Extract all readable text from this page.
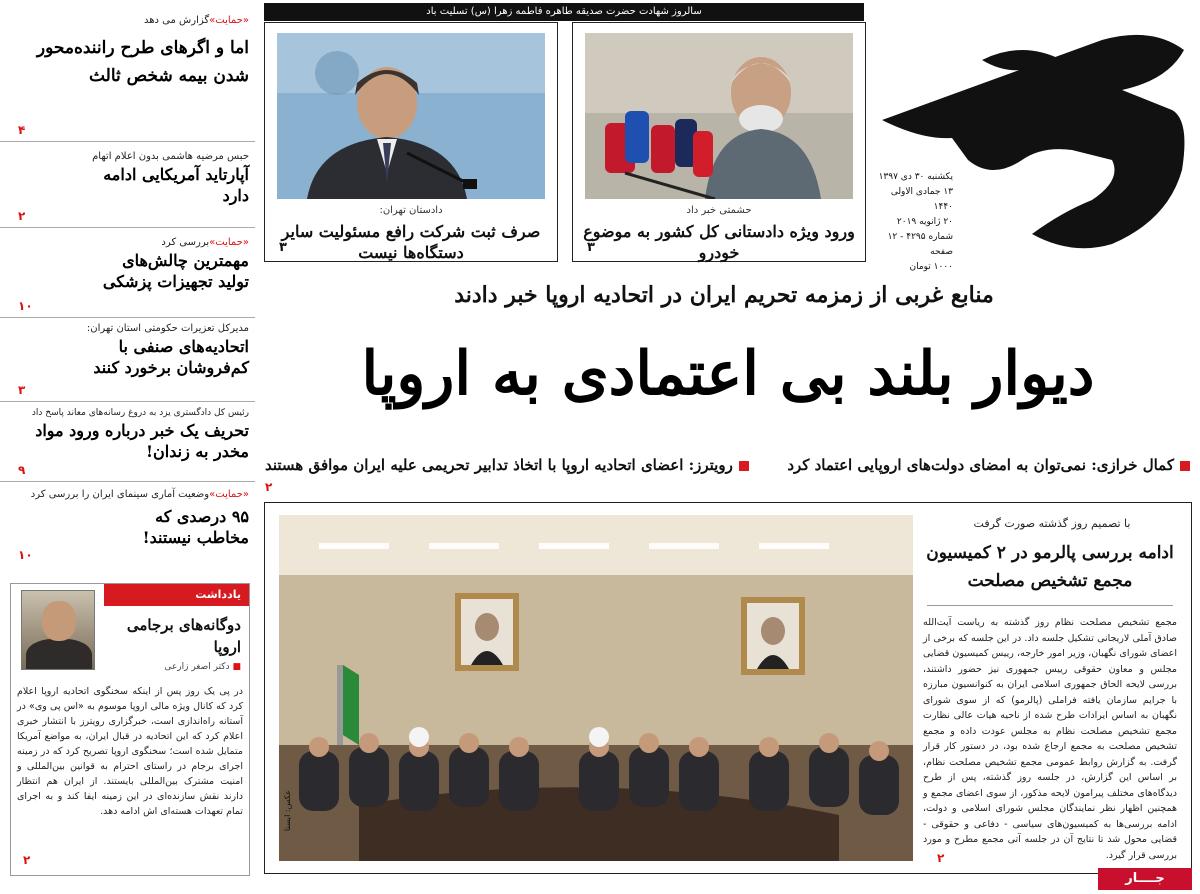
«حمایت»گزارش می دهد
اما و اگرهای طرح راننده‌محور شدن بیمه شخص ثالث
۴
حبس مرضیه هاشمی بدون اعلام اتهام
آپارتاید آمریکایی ادامه دارد
۲
«حمایت»بررسی کرد
مهمترین چالش‌های تولید تجهیزات پزشکی
۱۰
مدیرکل تعزیرات حکومتی استان تهران:
اتحادیه‌های صنفی با کم‌فروشان برخورد کنند
۳
رئیس کل دادگستری یزد به دروغ رسانه‌های معاند پاسخ داد
تحریف یک خبر درباره ورود مواد مخدر به زندان!
۹
«حمایت»وضعیت آماری سینمای ایران را بررسی کرد
۹۵ درصدی که مخاطب نیستند!
۱۰
یادداشت
دوگانه‌های برجامی اروپا
■ دکتر اصغر زارعی
در پی یک روز پس از اینکه سخنگوی اتحادیه اروپا اعلام کرد که کانال ویژه مالی اروپا موسوم به «اس پی وی» در آستانه راه‌اندازی است، خبرگزاری رویترز با انتشار خبری اعلام کرد که این اتحادیه در قبال ایران، به مواضع آمریکا متمایل شده است؛ سخنگوی اروپا تصریح کرد که در زمینه اجرای برجام در راستای احترام به قوانین بین‌المللی و امنیت مشترک بین‌المللی بایستند. از ایران هم انتظار دارند نقش سازنده‌ای در این زمینه ایفا کند و به اجرای تمام تعهدات هسته‌ای اش ادامه دهد.
۲
سالروز شهادت حضرت صدیقه طاهره فاطمه زهرا (س) تسلیت باد
دادستان تهران:
صرف ثبت شرکت رافع مسئولیت سایر دستگاه‌ها نیست
۳
حشمتی خبر داد
ورود ویژه دادستانی کل کشور به موضوع خودرو
۳
حمایت
یکشنبه ۳۰ دی ۱۳۹۷
۱۳ جمادی الاولی ۱۴۴۰
۲۰ ژانویه ۲۰۱۹
شماره ۴۲۹۵ - ۱۲ صفحه
۱۰۰۰ تومان
منابع غربی از زمزمه تحریم ایران در اتحادیه اروپا خبر دادند
دیوار بلند بی اعتمادی به اروپا
کمال خرازی: نمی‌توان به امضای دولت‌های اروپایی اعتماد کرد
رویترز: اعضای اتحادیه اروپا با اتخاذ تدابیر تحریمی علیه ایران موافق هستند
۲
عکس: ایسنا
با تصمیم روز گذشته صورت گرفت
ادامه بررسی پالرمو در ۲ کمیسیون مجمع تشخیص مصلحت
مجمع تشخیص مصلحت نظام روز گذشته به ریاست آیت‌الله صادق آملی لاریجانی تشکیل جلسه داد. در این جلسه که برخی از اعضای شورای نگهبان، وزیر امور خارجه، رییس کمیسیون قضایی مجلس و معاون حقوقی رییس جمهوری نیز حضور داشتند، بررسی لایحه الحاق جمهوری اسلامی ایران به کنوانسیون مبارزه با جرایم سازمان یافته فراملی (پالرمو) که از سوی شورای نگهبان به اساس ایرادات طرح شده از ناحیه هیات عالی نظارت مجمع تشخیص مصلحت نظام به مجلس عودت داده و مجمع تشخیص مصلحت به مجمع ارجاع شده بود، در دستور کار قرار گرفت. به گزارش روابط عمومی مجمع تشخیص مصلحت نظام، بر اساس این گزارش، در جلسه روز گذشته، پس از طرح دیدگاه‌های مختلف پیرامون لایحه مذکور، از سوی اعضای مجمع و همچنین اظهار نظر نمایندگان مجلس شورای اسلامی و دولت، ادامه بررسی‌ها به کمیسیون‌های سیاسی - دفاعی و حقوقی - قضایی محول شد تا نتایج آن در جلسه آتی مجمع مطرح و مورد بررسی قرار گیرد.
۲
جــــار
